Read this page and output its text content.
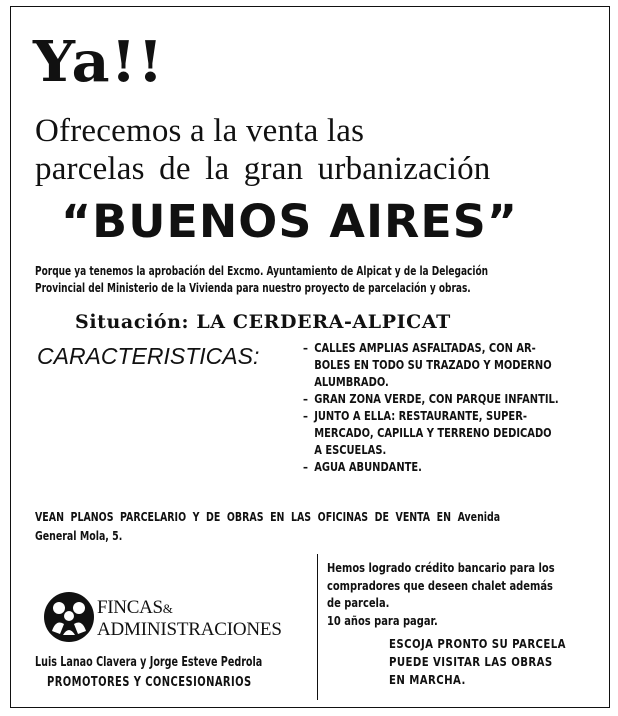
Ya!!
Ofrecemos a la venta las
parcelas de la gran urbanización
“BUENOS AIRES”
Porque ya tenemos la aprobación del Excmo. Ayuntamiento de Alpicat y de la Delegación
Provincial del Ministerio de la Vivienda para nuestro proyecto de parcelación y obras.
Situación: LA CERDERA-ALPICAT
CARACTERISTICAS:	– CALLES AMPLIAS ASFALTADAS, CON AR-
BOLES EN TODO SU TRAZADO Y MODERNO
ALUMBRADO.
– GRAN ZONA VERDE, CON PARQUE INFANTIL.
– JUNTO A ELLA: RESTAURANTE, SUPER-
MERCADO, CAPILLA Y TERRENO DEDICADO
A ESCUELAS.
– AGUA ABUNDANTE.
VEAN PLANOS PARCELARIO Y DE OBRAS EN LAS OFICINAS DE VENTA EN Avenida
General Mola, 5.
Hemos logrado crédito bancario para los
compradores que deseen chalet además
de parcela.
10 años para pagar.
ESCOJA PRONTO SU PARCELA
PUEDE VISITAR LAS OBRAS
EN MARCHA.
FINCAS&
ADMINISTRACIONES
Luis Lanao Clavera y Jorge Esteve Pedrola
PROMOTORES Y CONCESIONARIOS
